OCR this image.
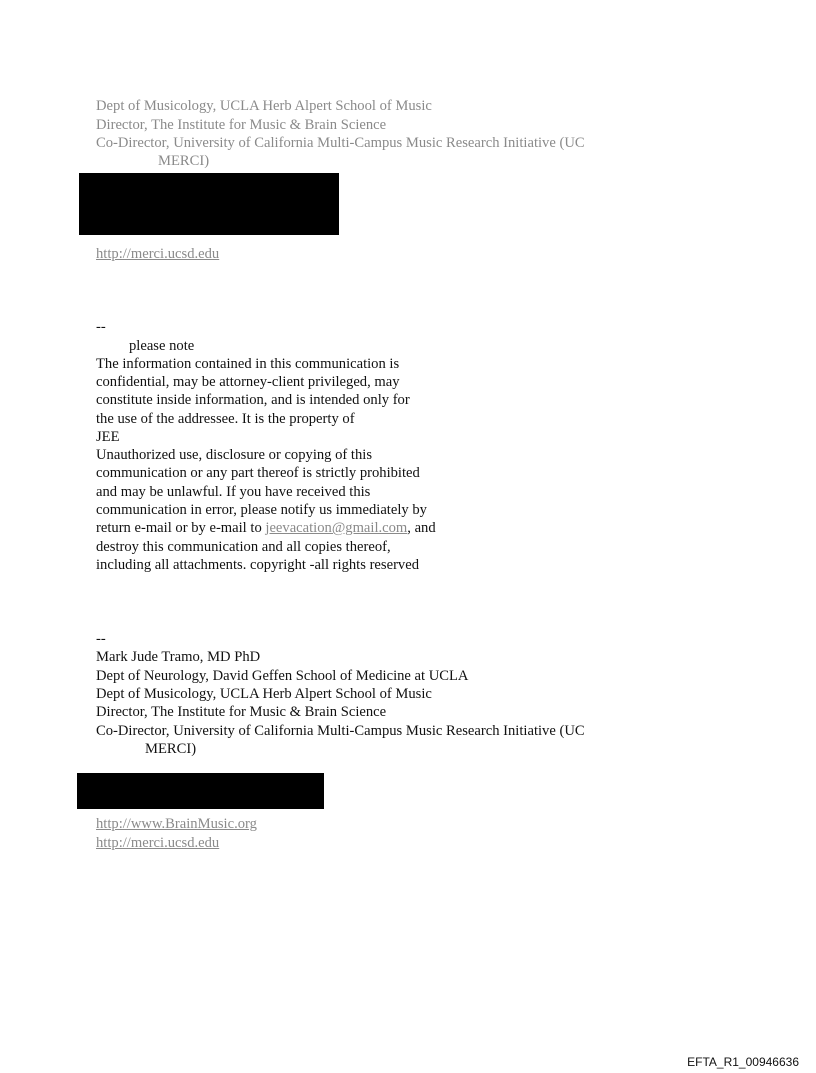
Dept of Musicology, UCLA Herb Alpert School of Music
Director, The Institute for Music & Brain Science
Co-Director, University of California Multi-Campus Music Research Initiative (UC
MERCI)
http://merci.ucsd.edu
--
please note
The information contained in this communication is
confidential, may be attorney-client privileged, may
constitute inside information, and is intended only for
the use of the addressee. It is the property of
JEE
Unauthorized use, disclosure or copying of this
communication or any part thereof is strictly prohibited
and may be unlawful. If you have received this
communication in error, please notify us immediately by
return e-mail or by e-mail to jeevacation@gmail.com, and
destroy this communication and all copies thereof,
including all attachments. copyright -all rights reserved
--
Mark Jude Tramo, MD PhD
Dept of Neurology, David Geffen School of Medicine at UCLA
Dept of Musicology, UCLA Herb Alpert School of Music
Director, The Institute for Music & Brain Science
Co-Director, University of California Multi-Campus Music Research Initiative (UC
MERCI)
http://www.BrainMusic.org
http://merci.ucsd.edu
EFTA_R1_00946636
